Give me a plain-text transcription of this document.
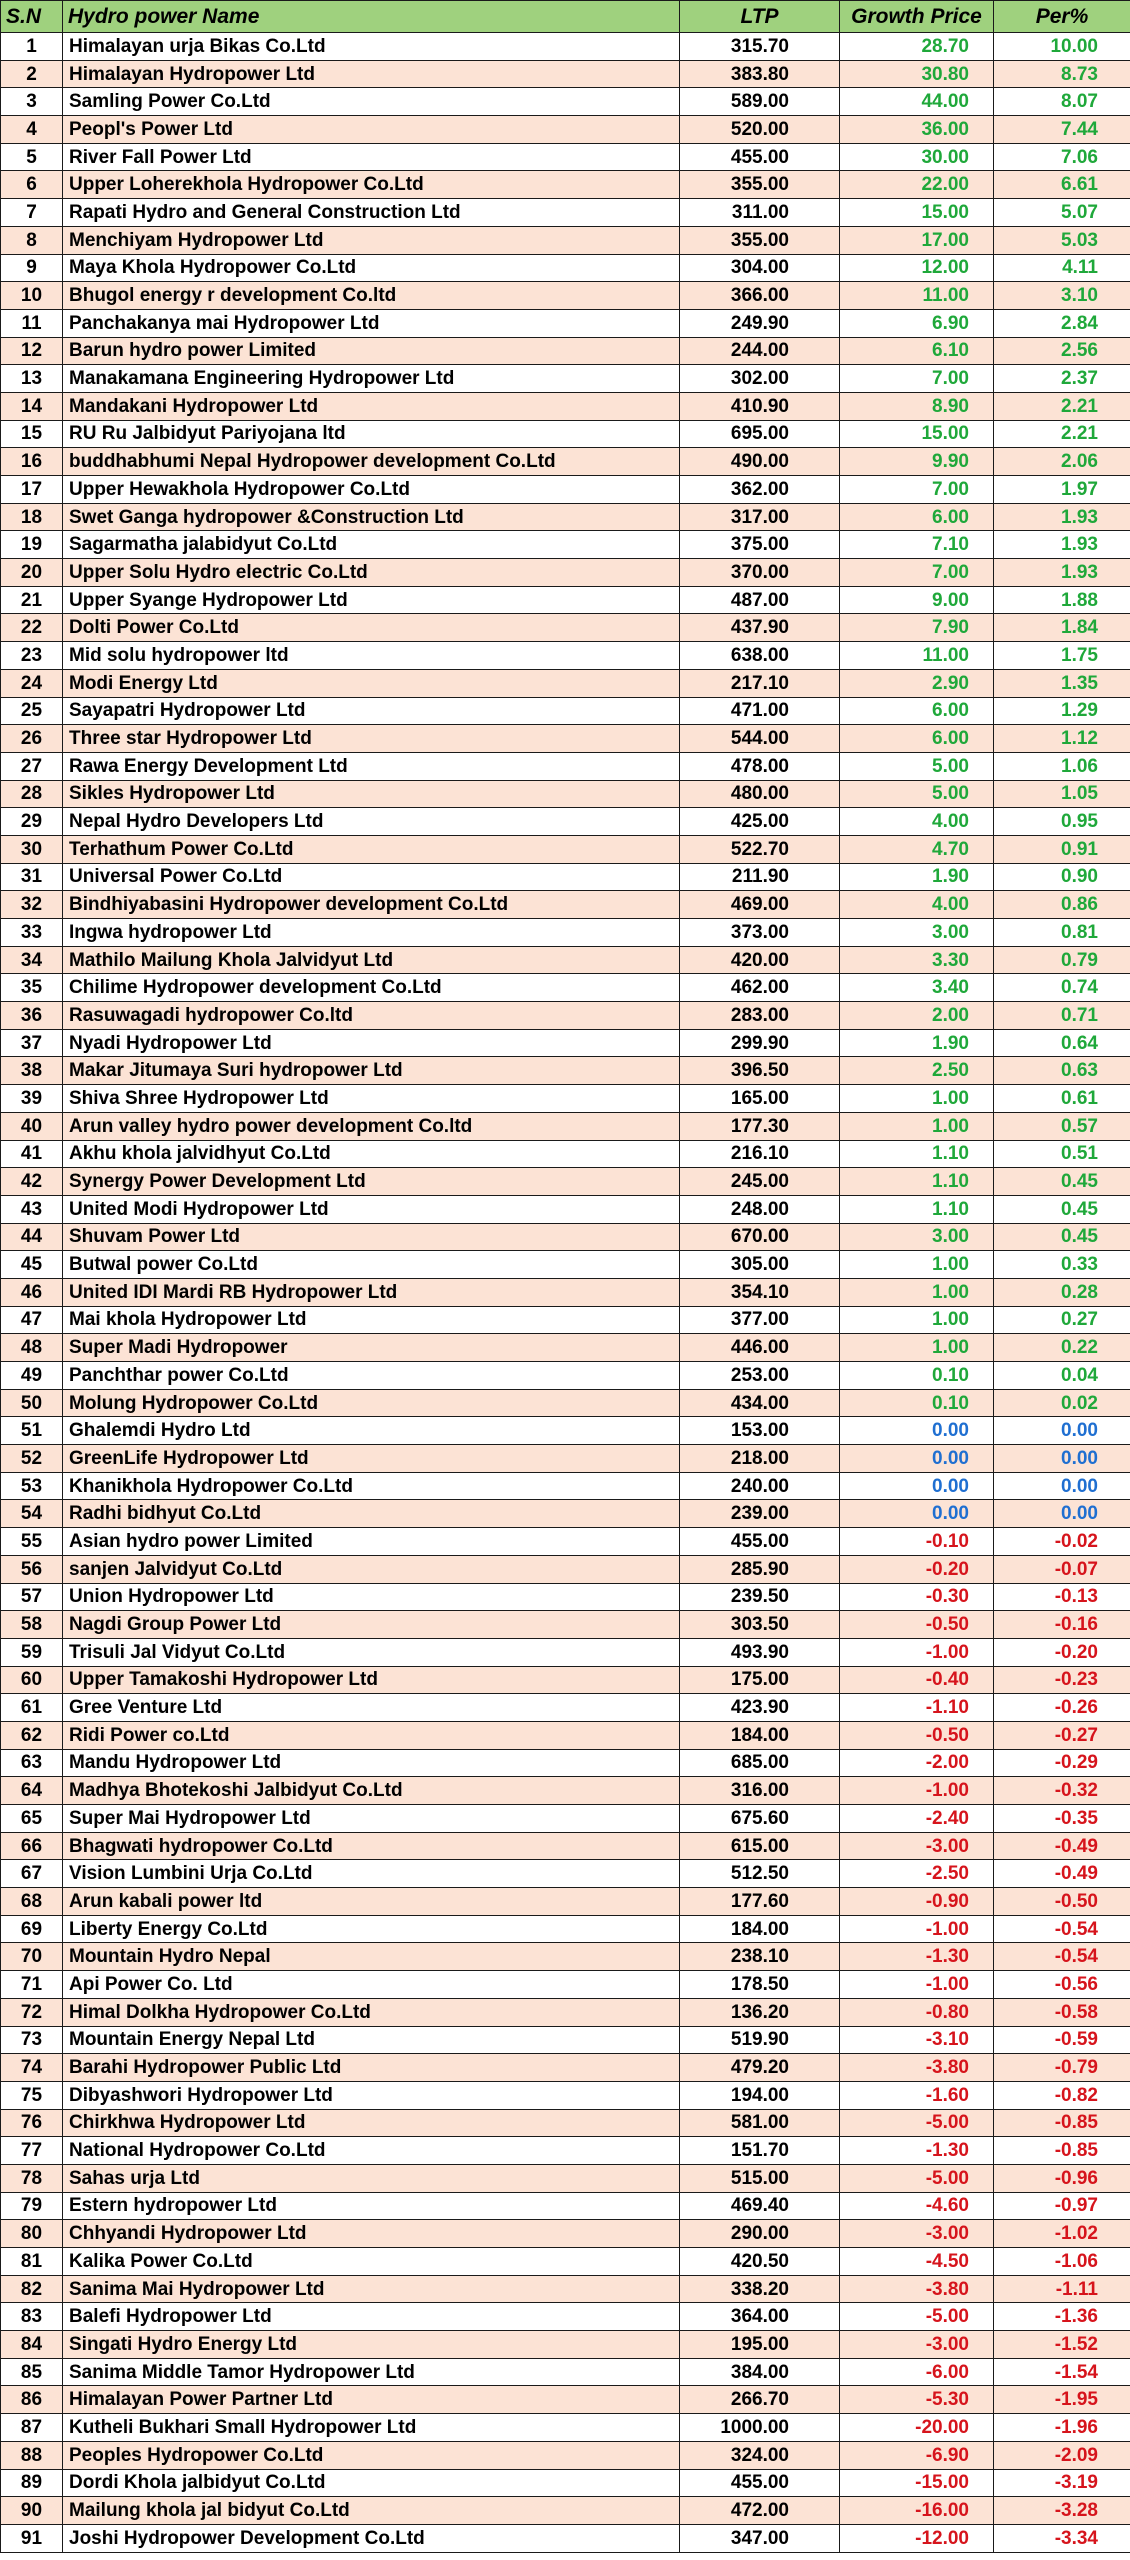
S.N	Hydro power Name	LTP	Growth Price	Per%
1	Himalayan urja Bikas Co.Ltd	315.70	28.70	10.00
2	Himalayan Hydropower Ltd	383.80	30.80	8.73
3	Samling Power Co.Ltd	589.00	44.00	8.07
4	Peopl's Power Ltd	520.00	36.00	7.44
5	River Fall Power Ltd	455.00	30.00	7.06
6	Upper Loherekhola Hydropower Co.Ltd	355.00	22.00	6.61
7	Rapati Hydro and General Construction Ltd	311.00	15.00	5.07
8	Menchiyam Hydropower Ltd	355.00	17.00	5.03
9	Maya Khola Hydropower Co.Ltd	304.00	12.00	4.11
10	Bhugol energy r development Co.ltd	366.00	11.00	3.10
11	Panchakanya mai Hydropower Ltd	249.90	6.90	2.84
12	Barun hydro power Limited	244.00	6.10	2.56
13	Manakamana Engineering Hydropower Ltd	302.00	7.00	2.37
14	Mandakani Hydropower Ltd	410.90	8.90	2.21
15	RU Ru Jalbidyut Pariyojana ltd	695.00	15.00	2.21
16	buddhabhumi Nepal Hydropower development Co.Ltd	490.00	9.90	2.06
17	Upper Hewakhola Hydropower Co.Ltd	362.00	7.00	1.97
18	Swet Ganga hydropower &Construction Ltd	317.00	6.00	1.93
19	Sagarmatha jalabidyut Co.Ltd	375.00	7.10	1.93
20	Upper Solu Hydro electric Co.Ltd	370.00	7.00	1.93
21	Upper Syange Hydropower Ltd	487.00	9.00	1.88
22	Dolti Power Co.Ltd	437.90	7.90	1.84
23	Mid solu hydropower ltd	638.00	11.00	1.75
24	Modi Energy Ltd	217.10	2.90	1.35
25	Sayapatri Hydropower Ltd	471.00	6.00	1.29
26	Three star Hydropower Ltd	544.00	6.00	1.12
27	Rawa Energy Development Ltd	478.00	5.00	1.06
28	Sikles Hydropower Ltd	480.00	5.00	1.05
29	Nepal Hydro Developers Ltd	425.00	4.00	0.95
30	Terhathum Power Co.Ltd	522.70	4.70	0.91
31	Universal Power Co.Ltd	211.90	1.90	0.90
32	Bindhiyabasini Hydropower development Co.Ltd	469.00	4.00	0.86
33	Ingwa hydropower Ltd	373.00	3.00	0.81
34	Mathilo Mailung Khola Jalvidyut Ltd	420.00	3.30	0.79
35	Chilime Hydropower development Co.Ltd	462.00	3.40	0.74
36	Rasuwagadi hydropower Co.ltd	283.00	2.00	0.71
37	Nyadi Hydropower Ltd	299.90	1.90	0.64
38	Makar Jitumaya Suri hydropower Ltd	396.50	2.50	0.63
39	Shiva Shree Hydropower Ltd	165.00	1.00	0.61
40	Arun valley hydro power development Co.ltd	177.30	1.00	0.57
41	Akhu khola jalvidhyut Co.Ltd	216.10	1.10	0.51
42	Synergy Power Development Ltd	245.00	1.10	0.45
43	United Modi Hydropower Ltd	248.00	1.10	0.45
44	Shuvam Power Ltd	670.00	3.00	0.45
45	Butwal power Co.Ltd	305.00	1.00	0.33
46	United IDI Mardi RB Hydropower Ltd	354.10	1.00	0.28
47	Mai khola Hydropower Ltd	377.00	1.00	0.27
48	Super Madi Hydropower	446.00	1.00	0.22
49	Panchthar power Co.Ltd	253.00	0.10	0.04
50	Molung Hydropower Co.Ltd	434.00	0.10	0.02
51	Ghalemdi Hydro Ltd	153.00	0.00	0.00
52	GreenLife Hydropower Ltd	218.00	0.00	0.00
53	Khanikhola Hydropower Co.Ltd	240.00	0.00	0.00
54	Radhi bidhyut Co.Ltd	239.00	0.00	0.00
55	Asian hydro power Limited	455.00	-0.10	-0.02
56	sanjen Jalvidyut Co.Ltd	285.90	-0.20	-0.07
57	Union Hydropower Ltd	239.50	-0.30	-0.13
58	Nagdi Group Power Ltd	303.50	-0.50	-0.16
59	Trisuli Jal Vidyut Co.Ltd	493.90	-1.00	-0.20
60	Upper Tamakoshi Hydropower Ltd	175.00	-0.40	-0.23
61	Gree Venture Ltd	423.90	-1.10	-0.26
62	Ridi Power co.Ltd	184.00	-0.50	-0.27
63	Mandu Hydropower Ltd	685.00	-2.00	-0.29
64	Madhya Bhotekoshi Jalbidyut Co.Ltd	316.00	-1.00	-0.32
65	Super Mai Hydropower Ltd	675.60	-2.40	-0.35
66	Bhagwati hydropower Co.Ltd	615.00	-3.00	-0.49
67	Vision Lumbini Urja Co.Ltd	512.50	-2.50	-0.49
68	Arun kabali power ltd	177.60	-0.90	-0.50
69	Liberty Energy Co.Ltd	184.00	-1.00	-0.54
70	Mountain Hydro Nepal	238.10	-1.30	-0.54
71	Api Power Co. Ltd	178.50	-1.00	-0.56
72	Himal Dolkha Hydropower Co.Ltd	136.20	-0.80	-0.58
73	Mountain Energy Nepal Ltd	519.90	-3.10	-0.59
74	Barahi Hydropower Public Ltd	479.20	-3.80	-0.79
75	Dibyashwori Hydropower Ltd	194.00	-1.60	-0.82
76	Chirkhwa Hydropower Ltd	581.00	-5.00	-0.85
77	National Hydropower Co.Ltd	151.70	-1.30	-0.85
78	Sahas urja Ltd	515.00	-5.00	-0.96
79	Estern hydropower Ltd	469.40	-4.60	-0.97
80	Chhyandi Hydropower Ltd	290.00	-3.00	-1.02
81	Kalika Power Co.Ltd	420.50	-4.50	-1.06
82	Sanima Mai Hydropower Ltd	338.20	-3.80	-1.11
83	Balefi Hydropower Ltd	364.00	-5.00	-1.36
84	Singati Hydro Energy Ltd	195.00	-3.00	-1.52
85	Sanima Middle Tamor Hydropower Ltd	384.00	-6.00	-1.54
86	Himalayan Power Partner Ltd	266.70	-5.30	-1.95
87	Kutheli Bukhari Small Hydropower Ltd	1000.00	-20.00	-1.96
88	Peoples Hydropower Co.Ltd	324.00	-6.90	-2.09
89	Dordi Khola jalbidyut Co.Ltd	455.00	-15.00	-3.19
90	Mailung khola jal bidyut Co.Ltd	472.00	-16.00	-3.28
91	Joshi Hydropower Development Co.Ltd	347.00	-12.00	-3.34
